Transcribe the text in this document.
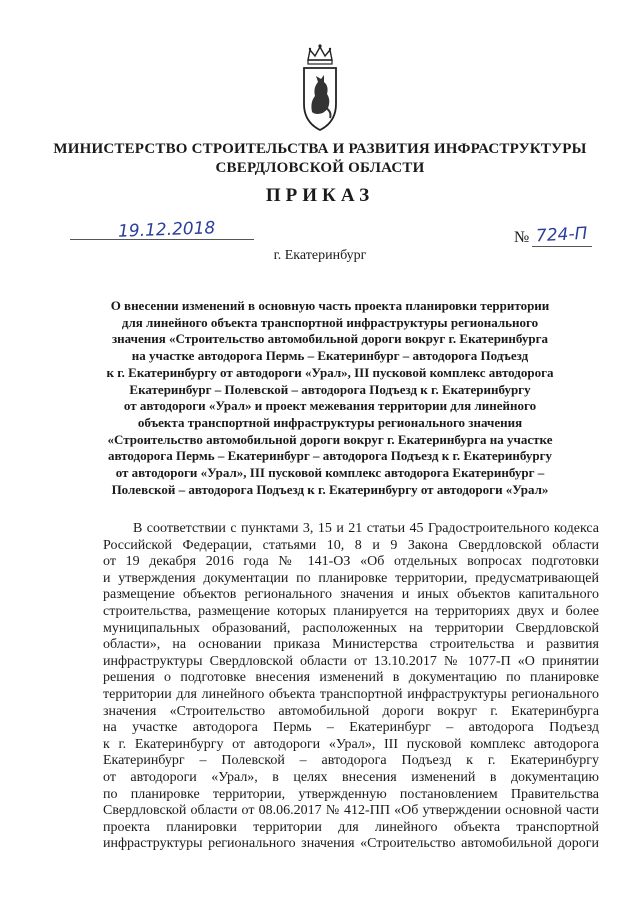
МИНИСТЕРСТВО СТРОИТЕЛЬСТВА И РАЗВИТИЯ ИНФРАСТРУКТУРЫ
СВЕРДЛОВСКОЙ ОБЛАСТИ
ПРИКАЗ
19.12.2018	№ 724-П
г. Екатеринбург
О внесении изменений в основную часть проекта планировки территории
для линейного объекта транспортной инфраструктуры регионального
значения «Строительство автомобильной дороги вокруг г. Екатеринбурга
на участке автодорога Пермь – Екатеринбург – автодорога Подъезд
к г. Екатеринбургу от автодороги «Урал», III пусковой комплекс автодорога
Екатеринбург – Полевской – автодорога Подъезд к г. Екатеринбургу
от автодороги «Урал» и проект межевания территории для линейного
объекта транспортной инфраструктуры регионального значения
«Строительство автомобильной дороги вокруг г. Екатеринбурга на участке
автодорога Пермь – Екатеринбург – автодорога Подъезд к г. Екатеринбургу
от автодороги «Урал», III пусковой комплекс автодорога Екатеринбург –
Полевской – автодорога Подъезд к г. Екатеринбургу от автодороги «Урал»
В соответствии с пунктами 3, 15 и 21 статьи 45 Градостроительного кодекса
Российской Федерации, статьями 10, 8 и 9 Закона Свердловской области
от 19 декабря 2016 года № 141-ОЗ «Об отдельных вопросах подготовки
и утверждения документации по планировке территории, предусматривающей
размещение объектов регионального значения и иных объектов капитального
строительства, размещение которых планируется на территориях двух и более
муниципальных образований, расположенных на территории Свердловской
области», на основании приказа Министерства строительства и развития
инфраструктуры Свердловской области от 13.10.2017 № 1077-П «О принятии
решения о подготовке внесения изменений в документацию по планировке
территории для линейного объекта транспортной инфраструктуры регионального
значения «Строительство автомобильной дороги вокруг г. Екатеринбурга
на участке автодорога Пермь – Екатеринбург – автодорога Подъезд
к г. Екатеринбургу от автодороги «Урал», III пусковой комплекс автодорога
Екатеринбург – Полевской – автодорога Подъезд к г. Екатеринбургу
от автодороги «Урал», в целях внесения изменений в документацию
по планировке территории, утвержденную постановлением Правительства
Свердловской области от 08.06.2017 № 412-ПП «Об утверждении основной части
проекта планировки территории для линейного объекта транспортной
инфраструктуры регионального значения «Строительство автомобильной дороги
